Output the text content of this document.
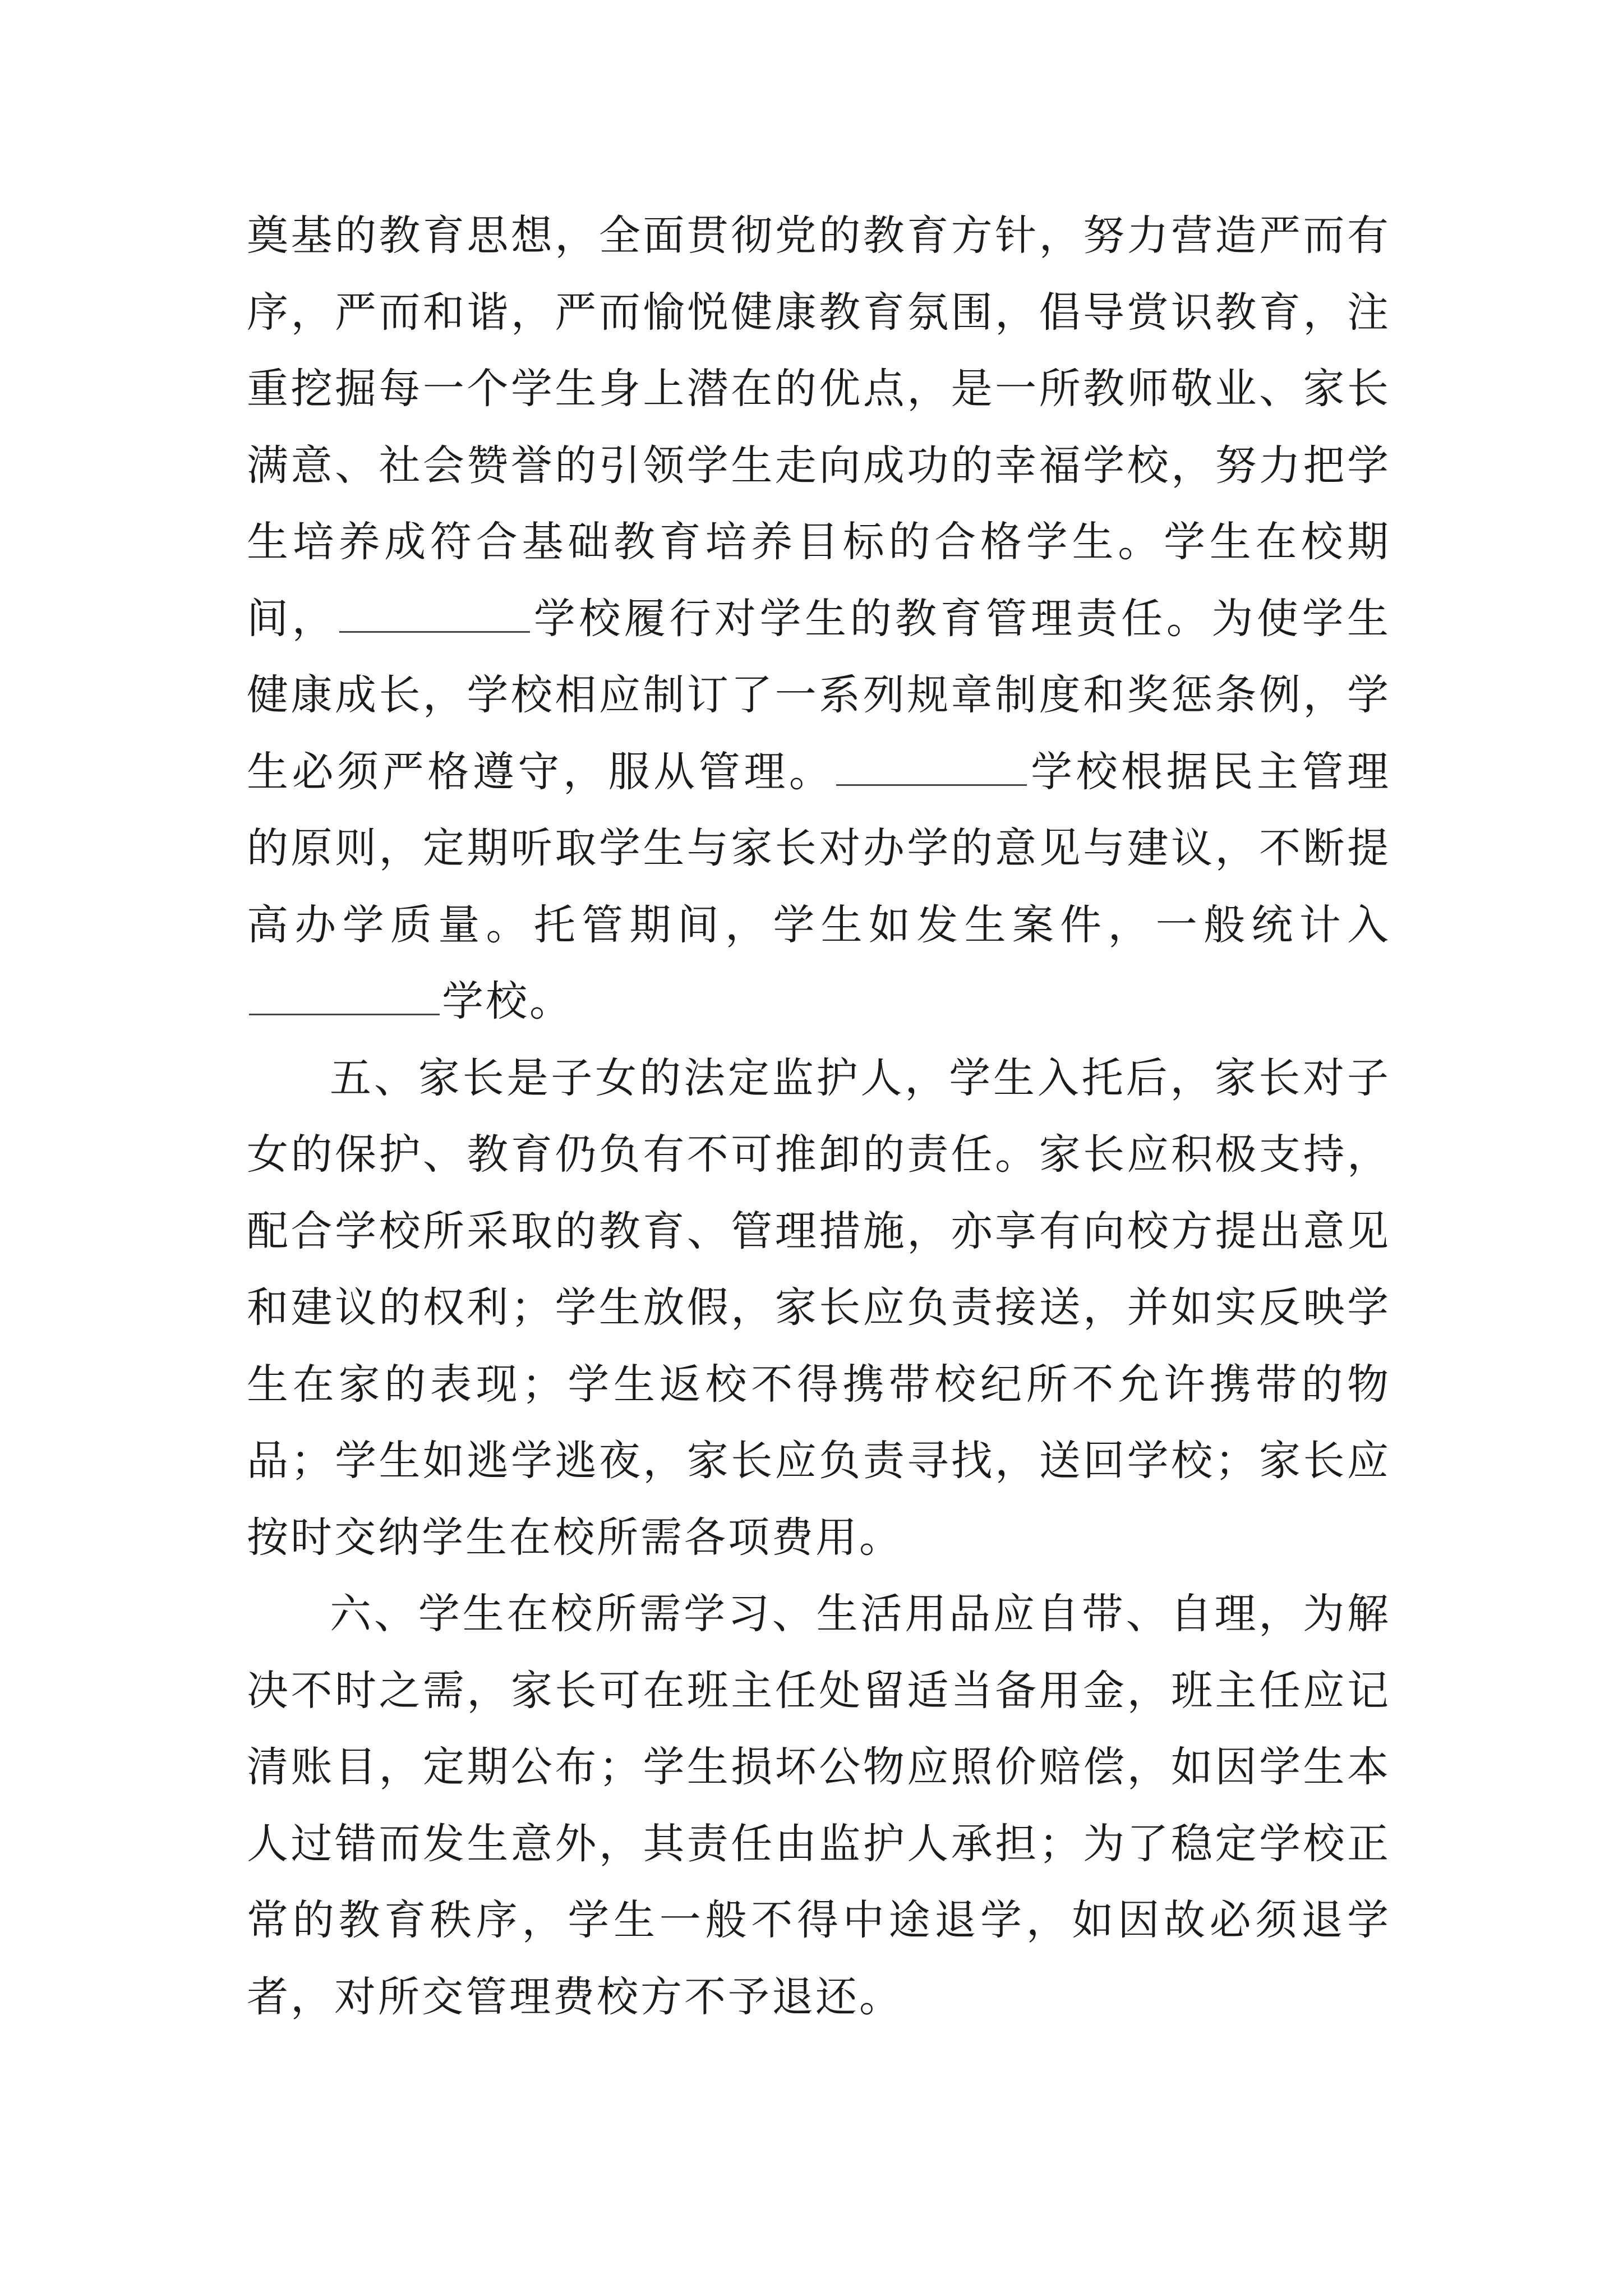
奠基的教育思想，全面贯彻党的教育方针，努力营造严而有序，严而和谐，严而愉悦健康教育氛围，倡导赏识教育，注重挖掘每一个学生身上潜在的优点，是一所教师敬业、家长满意、社会赞誉的引领学生走向成功的幸福学校，努力把学生培养成符合基础教育培养目标的合格学生。学生在校期间，	学校履行对学生的教育管理责任。为使学生健康成长，学校相应制订了一系列规章制度和奖惩条例，学生必须严格遵守，服从管理。	学校根据民主管理的原则，定期听取学生与家长对办学的意见与建议，不断提高办学质量。托管期间，学生如发生案件，一般统计入学校。

五、家长是子女的法定监护人，学生入托后，家长对子女的保护、教育仍负有不可推卸的责任。家长应积极支持，配合学校所采取的教育、管理措施，亦享有向校方提出意见和建议的权利；学生放假，家长应负责接送，并如实反映学生在家的表现；学生返校不得携带校纪所不允许携带的物品；学生如逃学逃夜，家长应负责寻找，送回学校；家长应按时交纳学生在校所需各项费用。

六、学生在校所需学习、生活用品应自带、自理，为解决不时之需，家长可在班主任处留适当备用金，班主任应记清账目，定期公布；学生损坏公物应照价赔偿，如因学生本人过错而发生意外，其责任由监护人承担；为了稳定学校正常的教育秩序，学生一般不得中途退学，如因故必须退学者，对所交管理费校方不予退还。
